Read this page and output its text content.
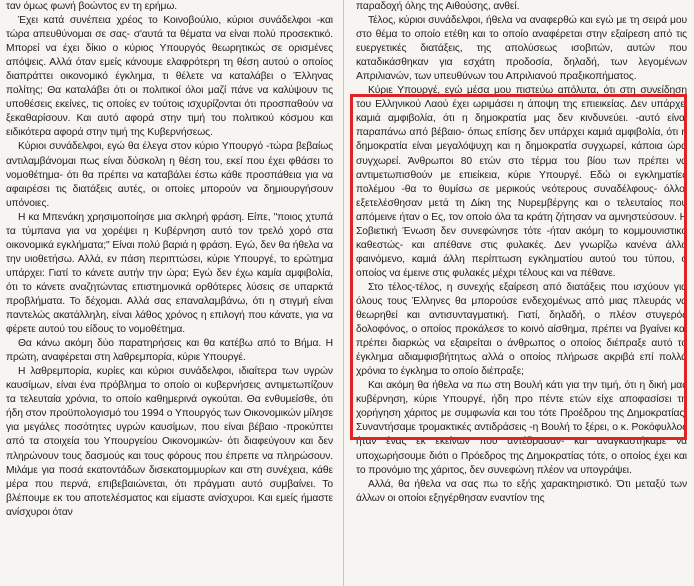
ταν όμως φωνή βοώντος εν τη ερήμω.

Έχει κατά συνέπεια χρέος το Κοινοβούλιο, κύριοι συνάδελφοι -και τώρα απευθύνομαι σε σας- σ'αυτά τα θέματα να είναι πολύ προσεκτικό. Μπορεί να έχει δίκιο ο κύριος Υπουργός θεωρητικώς σε ορισμένες απόψεις. Αλλά όταν εμείς κάνουμε ελαφρότερη τη θέση αυτού ο οποίος διαπράττει οικονομικό έγκλημα, τι θέλετε να καταλάβει ο Έλληνας πολίτης; Θα καταλάβει ότι οι πολιτικοί όλοι μαζί πάνε να καλύψουν τις υποθέσεις εκείνες, τις οποίες εν τούτοις ισχυρίζονται ότι προσπαθούν να ξεκαθαρίσουν. Και αυτό αφορά στην τιμή του πολιτικού κόσμου και ειδικότερα αφορά στην τιμή της Κυβερνήσεως.

Κύριοι συνάδελφοι, εγώ θα έλεγα στον κύριο Υπουργό -τώρα βεβαίως αντιλαμβάνομαι πως είναι δύσκολη η θέση του, εκεί που έχει φθάσει το νομοθέτημα- ότι θα πρέπει να καταβάλει έστω κάθε προσπάθεια για να αφαιρέσει τις διατάξεις αυτές, οι οποίες μπορούν να δημιουργήσουν υπόνοιες.

Η κα Μπενάκη χρησιμοποίησε μια σκληρή φράση. Είπε, "ποιος χτυπά τα τύμπανα για να χορέψει η Κυβέρνηση αυτό τον τρελό χορό στα οικονομικά εγκλήματα;" Είναι πολύ βαριά η φράση. Εγώ, δεν θα ήθελα να την υιοθετήσω. Αλλά, εν πάση περιπτώσει, κύριε Υπουργέ, το ερώτημα υπάρχει: Γιατί το κάνετε αυτήν την ώρα; Εγώ δεν έχω καμία αμφιβολία, ότι το κάνετε αναζητώντας επιστημονικά ορθότερες λύσεις σε υπαρκτά προβλήματα. Το δέχομαι. Αλλά σας επαναλαμβάνω, ότι η στιγμή είναι παντελώς ακατάλληλη, είναι λάθος χρόνος η επιλογή που κάνατε, για να φέρετε αυτού του είδους το νομοθέτημα.

Θα κάνω ακόμη δύο παρατηρήσεις και θα κατέβω από το Βήμα. Η πρώτη, αναφέρεται στη λαθρεμπορία, κύριε Υπουργέ.

Η λαθρεμπορία, κυρίες και κύριοι συνάδελφοι, ιδιαίτερα των υγρών καυσίμων, είναι ένα πρόβλημα το οποίο οι κυβερνήσεις αντιμετωπίζουν τα τελευταία χρόνια, το οποίο καθημερινά ογκούται. Θα ενθυμείσθε, ότι ήδη στον προϋπολογισμό του 1994 ο Υπουργός των Οικονομικών μίλησε για μεγάλες ποσότητες υγρών καυσίμων, που είναι βέβαιο -προκύπτει από τα στοιχεία του Υπουργείου Οικονομικών- ότι διαφεύγουν και δεν πληρώνουν τους δασμούς και τους φόρους που έπρεπε να πληρώσουν. Μιλάμε για ποσά εκατοντάδων δισεκατομμυρίων και στη συνέχεια, κάθε μέρα που περνά, επιβεβαιώνεται, ότι πράγματι αυτό συμβαίνει. Το βλέπουμε εκ του αποτελέσματος και είμαστε ανίσχυροι. Και εμείς ήμαστε ανίσχυροι όταν

παραδοχή όλης της Αιθούσης, ανθεί.

Τέλος, κύριοι συνάδελφοι, ήθελα να αναφερθώ και εγώ με τη σειρά μου στο θέμα το οποίο ετέθη και το οποίο αναφέρεται στην εξαίρεση από τις ευεργετικές διατάξεις, της απολύσεως ισοβιτών, αυτών που καταδικάσθηκαν για εσχάτη προδοσία, δηλαδή, των λεγομένων Απριλιανών, των υπευθύνων του Απριλιανού πραξικοπήματος.

Κύριε Υπουργέ, εγώ μέσα μου πιστεύω απόλυτα, ότι στη συνείδηση του Ελληνικού Λαού έχει ωριμάσει η άποψη της επιεικείας. Δεν υπάρχει καμιά αμφιβολία, ότι η δημοκρατία μας δεν κινδυνεύει. -αυτό είναι παραπάνω από βέβαιο- όπως επίσης δεν υπάρχει καμιά αμφιβολία, ότι η δημοκρατία είναι μεγαλόψυχη και η δημοκρατία συγχωρεί, κάποια ώρα συγχωρεί. Άνθρωποι 80 ετών στο τέρμα του βίου των πρέπει να αντιμετωπισθούν με επιείκεια, κύριε Υπουργέ. Εδώ οι εγκληματίες πολέμου -θα το θυμίσω σε μερικούς νεότερους συναδέλφους- όλλοι εξετελέσθησαν μετά τη Δίκη της Νυρεμβέργης και ο τελευταίος που απόμεινε ήταν ο Ες, τον οποίο όλα τα κράτη ζήτησαν να αμνηστεύσουν. Η Σοβιετική Ένωση δεν συνεφώνησε τότε -ήταν ακόμη το κομμουνιστικό καθεστώς- και απέθανε στις φυλακές. Δεν γνωρίζω κανένα άλλο φαινόμενο, καμιά άλλη περίπτωση εγκληματίου αυτού του τύπου, ο οποίος να έμεινε στις φυλακές μέχρι τέλους και να πέθανε.

Στο τέλος-τέλος, η συνεχής εξαίρεση από διατάξεις που ισχύουν για όλους τους Έλληνες θα μπορούσε ενδεχομένως από μιας πλευράς να θεωρηθεί και αντισυνταγματική. Γιατί, δηλαδή, ο πλέον στυγερός δολοφόνος, ο οποίος προκάλεσε το κοινό αίσθημα, πρέπει να βγαίνει και πρέπει διαρκώς να εξαιρείται ο άνθρωπος ο οποίος διέπραξε αυτό το έγκλημα αδιαμφισβήτητως αλλά ο οποίος πλήρωσε ακριβά επί πολλά χρόνια το έγκλημα το οποίο διέπραξε;

Και ακόμη θα ήθελα να πω στη Βουλή κάτι για την τιμή, ότι η δική μας κυβέρνηση, κύριε Υπουργέ, ήδη προ πέντε ετών είχε αποφασίσει τη χορήγηση χάριτος με συμφωνία και του τότε Προέδρου της Δημοκρατίας. Συναντήσαμε τρομακτικές αντιδράσεις -η Βουλή το ξέρει, ο κ. Ροκόφυλλος ήταν ένας εκ εκείνων που αντέδρασαν- και αναγκαστήκαμε να υποχωρήσουμε διότι ο Πρόεδρος της Δημοκρατίας τότε, ο οποίος έχει και το προνόμιο της χάριτος, δεν συνεφώνη πλέον να υπογράψει.

Αλλά, θα ήθελα να σας πω το εξής χαρακτηριστικό. Ότι μεταξύ των άλλων οι οποίοι εξηγέρθησαν εναντίον της
